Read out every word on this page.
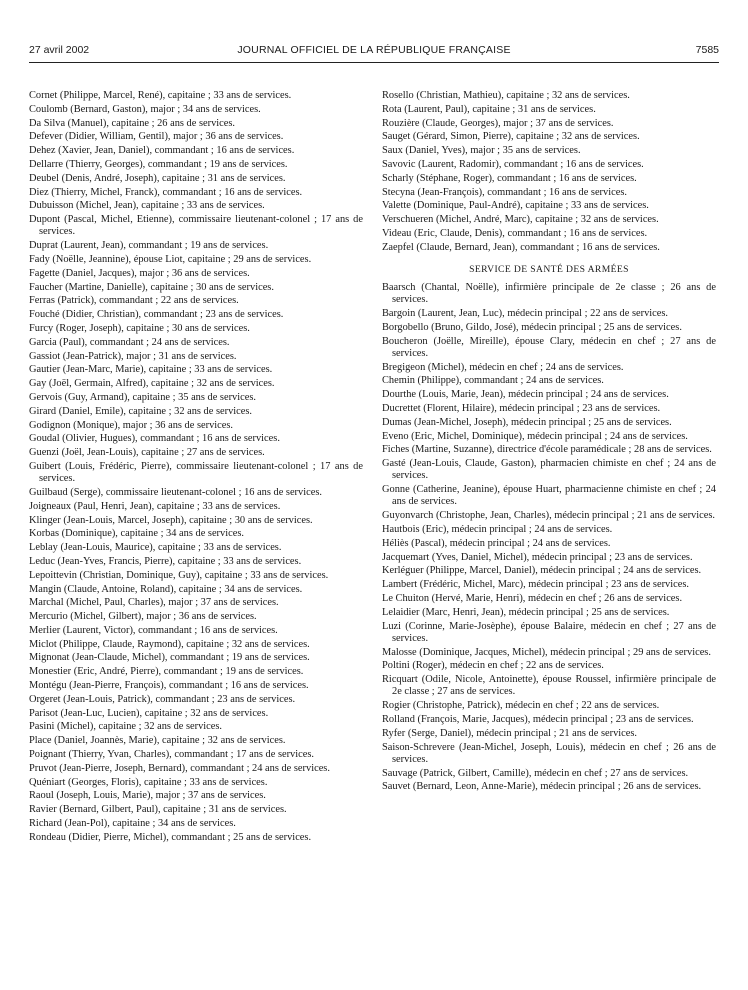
27 avril 2002	JOURNAL OFFICIEL DE LA RÉPUBLIQUE FRANÇAISE	7585
Cornet (Philippe, Marcel, René), capitaine ; 33 ans de services.
Coulomb (Bernard, Gaston), major ; 34 ans de services.
Da Silva (Manuel), capitaine ; 26 ans de services.
Defever (Didier, William, Gentil), major ; 36 ans de services.
Dehez (Xavier, Jean, Daniel), commandant ; 16 ans de services.
Dellarre (Thierry, Georges), commandant ; 19 ans de services.
Deubel (Denis, André, Joseph), capitaine ; 31 ans de services.
Diez (Thierry, Michel, Franck), commandant ; 16 ans de services.
Dubuisson (Michel, Jean), capitaine ; 33 ans de services.
Dupont (Pascal, Michel, Etienne), commissaire lieutenant-colonel ; 17 ans de services.
Duprat (Laurent, Jean), commandant ; 19 ans de services.
Fady (Noëlle, Jeannine), épouse Liot, capitaine ; 29 ans de services.
Fagette (Daniel, Jacques), major ; 36 ans de services.
Faucher (Martine, Danielle), capitaine ; 30 ans de services.
Ferras (Patrick), commandant ; 22 ans de services.
Fouché (Didier, Christian), commandant ; 23 ans de services.
Furcy (Roger, Joseph), capitaine ; 30 ans de services.
Garcia (Paul), commandant ; 24 ans de services.
Gassiot (Jean-Patrick), major ; 31 ans de services.
Gautier (Jean-Marc, Marie), capitaine ; 33 ans de services.
Gay (Joël, Germain, Alfred), capitaine ; 32 ans de services.
Gervois (Guy, Armand), capitaine ; 35 ans de services.
Girard (Daniel, Emile), capitaine ; 32 ans de services.
Godignon (Monique), major ; 36 ans de services.
Goudal (Olivier, Hugues), commandant ; 16 ans de services.
Guenzi (Joël, Jean-Louis), capitaine ; 27 ans de services.
Guibert (Louis, Frédéric, Pierre), commissaire lieutenant-colonel ; 17 ans de services.
Guilbaud (Serge), commissaire lieutenant-colonel ; 16 ans de services.
Joigneaux (Paul, Henri, Jean), capitaine ; 33 ans de services.
Klinger (Jean-Louis, Marcel, Joseph), capitaine ; 30 ans de services.
Korbas (Dominique), capitaine ; 34 ans de services.
Leblay (Jean-Louis, Maurice), capitaine ; 33 ans de services.
Leduc (Jean-Yves, Francis, Pierre), capitaine ; 33 ans de services.
Lepoittevin (Christian, Dominique, Guy), capitaine ; 33 ans de services.
Mangin (Claude, Antoine, Roland), capitaine ; 34 ans de services.
Marchal (Michel, Paul, Charles), major ; 37 ans de services.
Mercurio (Michel, Gilbert), major ; 36 ans de services.
Merlier (Laurent, Victor), commandant ; 16 ans de services.
Miclot (Philippe, Claude, Raymond), capitaine ; 32 ans de services.
Mignonat (Jean-Claude, Michel), commandant ; 19 ans de services.
Monestier (Eric, André, Pierre), commandant ; 19 ans de services.
Montégu (Jean-Pierre, François), commandant ; 16 ans de services.
Orgeret (Jean-Louis, Patrick), commandant ; 23 ans de services.
Parisot (Jean-Luc, Lucien), capitaine ; 32 ans de services.
Pasini (Michel), capitaine ; 32 ans de services.
Place (Daniel, Joannès, Marie), capitaine ; 32 ans de services.
Poignant (Thierry, Yvan, Charles), commandant ; 17 ans de services.
Pruvot (Jean-Pierre, Joseph, Bernard), commandant ; 24 ans de services.
Quéniart (Georges, Floris), capitaine ; 33 ans de services.
Raoul (Joseph, Louis, Marie), major ; 37 ans de services.
Ravier (Bernard, Gilbert, Paul), capitaine ; 31 ans de services.
Richard (Jean-Pol), capitaine ; 34 ans de services.
Rondeau (Didier, Pierre, Michel), commandant ; 25 ans de services.
Rosello (Christian, Mathieu), capitaine ; 32 ans de services.
Rota (Laurent, Paul), capitaine ; 31 ans de services.
Rouzière (Claude, Georges), major ; 37 ans de services.
Sauget (Gérard, Simon, Pierre), capitaine ; 32 ans de services.
Saux (Daniel, Yves), major ; 35 ans de services.
Savovic (Laurent, Radomir), commandant ; 16 ans de services.
Scharly (Stéphane, Roger), commandant ; 16 ans de services.
Stecyna (Jean-François), commandant ; 16 ans de services.
Valette (Dominique, Paul-André), capitaine ; 33 ans de services.
Verschueren (Michel, André, Marc), capitaine ; 32 ans de services.
Videau (Eric, Claude, Denis), commandant ; 16 ans de services.
Zaepfel (Claude, Bernard, Jean), commandant ; 16 ans de services.
SERVICE DE SANTÉ DES ARMÉES
Baarsch (Chantal, Noëlle), infirmière principale de 2e classe ; 26 ans de services.
Bargoin (Laurent, Jean, Luc), médecin principal ; 22 ans de services.
Borgobello (Bruno, Gildo, José), médecin principal ; 25 ans de services.
Boucheron (Joëlle, Mireille), épouse Clary, médecin en chef ; 27 ans de services.
Bregigeon (Michel), médecin en chef ; 24 ans de services.
Chemin (Philippe), commandant ; 24 ans de services.
Dourthe (Louis, Marie, Jean), médecin principal ; 24 ans de services.
Ducrettet (Florent, Hilaire), médecin principal ; 23 ans de services.
Dumas (Jean-Michel, Joseph), médecin principal ; 25 ans de services.
Eveno (Eric, Michel, Dominique), médecin principal ; 24 ans de services.
Fiches (Martine, Suzanne), directrice d'école paramédicale ; 28 ans de services.
Gasté (Jean-Louis, Claude, Gaston), pharmacien chimiste en chef ; 24 ans de services.
Gonne (Catherine, Jeanine), épouse Huart, pharmacienne chimiste en chef ; 24 ans de services.
Guyonvarch (Christophe, Jean, Charles), médecin principal ; 21 ans de services.
Hautbois (Eric), médecin principal ; 24 ans de services.
Héliès (Pascal), médecin principal ; 24 ans de services.
Jacquemart (Yves, Daniel, Michel), médecin principal ; 23 ans de services.
Kerléguer (Philippe, Marcel, Daniel), médecin principal ; 24 ans de services.
Lambert (Frédéric, Michel, Marc), médecin principal ; 23 ans de services.
Le Chuiton (Hervé, Marie, Henri), médecin en chef ; 26 ans de services.
Lelaidier (Marc, Henri, Jean), médecin principal ; 25 ans de services.
Luzi (Corinne, Marie-Josèphe), épouse Balaire, médecin en chef ; 27 ans de services.
Malosse (Dominique, Jacques, Michel), médecin principal ; 29 ans de services.
Poltini (Roger), médecin en chef ; 22 ans de services.
Ricquart (Odile, Nicole, Antoinette), épouse Roussel, infirmière principale de 2e classe ; 27 ans de services.
Rogier (Christophe, Patrick), médecin en chef ; 22 ans de services.
Rolland (François, Marie, Jacques), médecin principal ; 23 ans de services.
Ryfer (Serge, Daniel), médecin principal ; 21 ans de services.
Saison-Schrevere (Jean-Michel, Joseph, Louis), médecin en chef ; 26 ans de services.
Sauvage (Patrick, Gilbert, Camille), médecin en chef ; 27 ans de services.
Sauvet (Bernard, Leon, Anne-Marie), médecin principal ; 26 ans de services.
